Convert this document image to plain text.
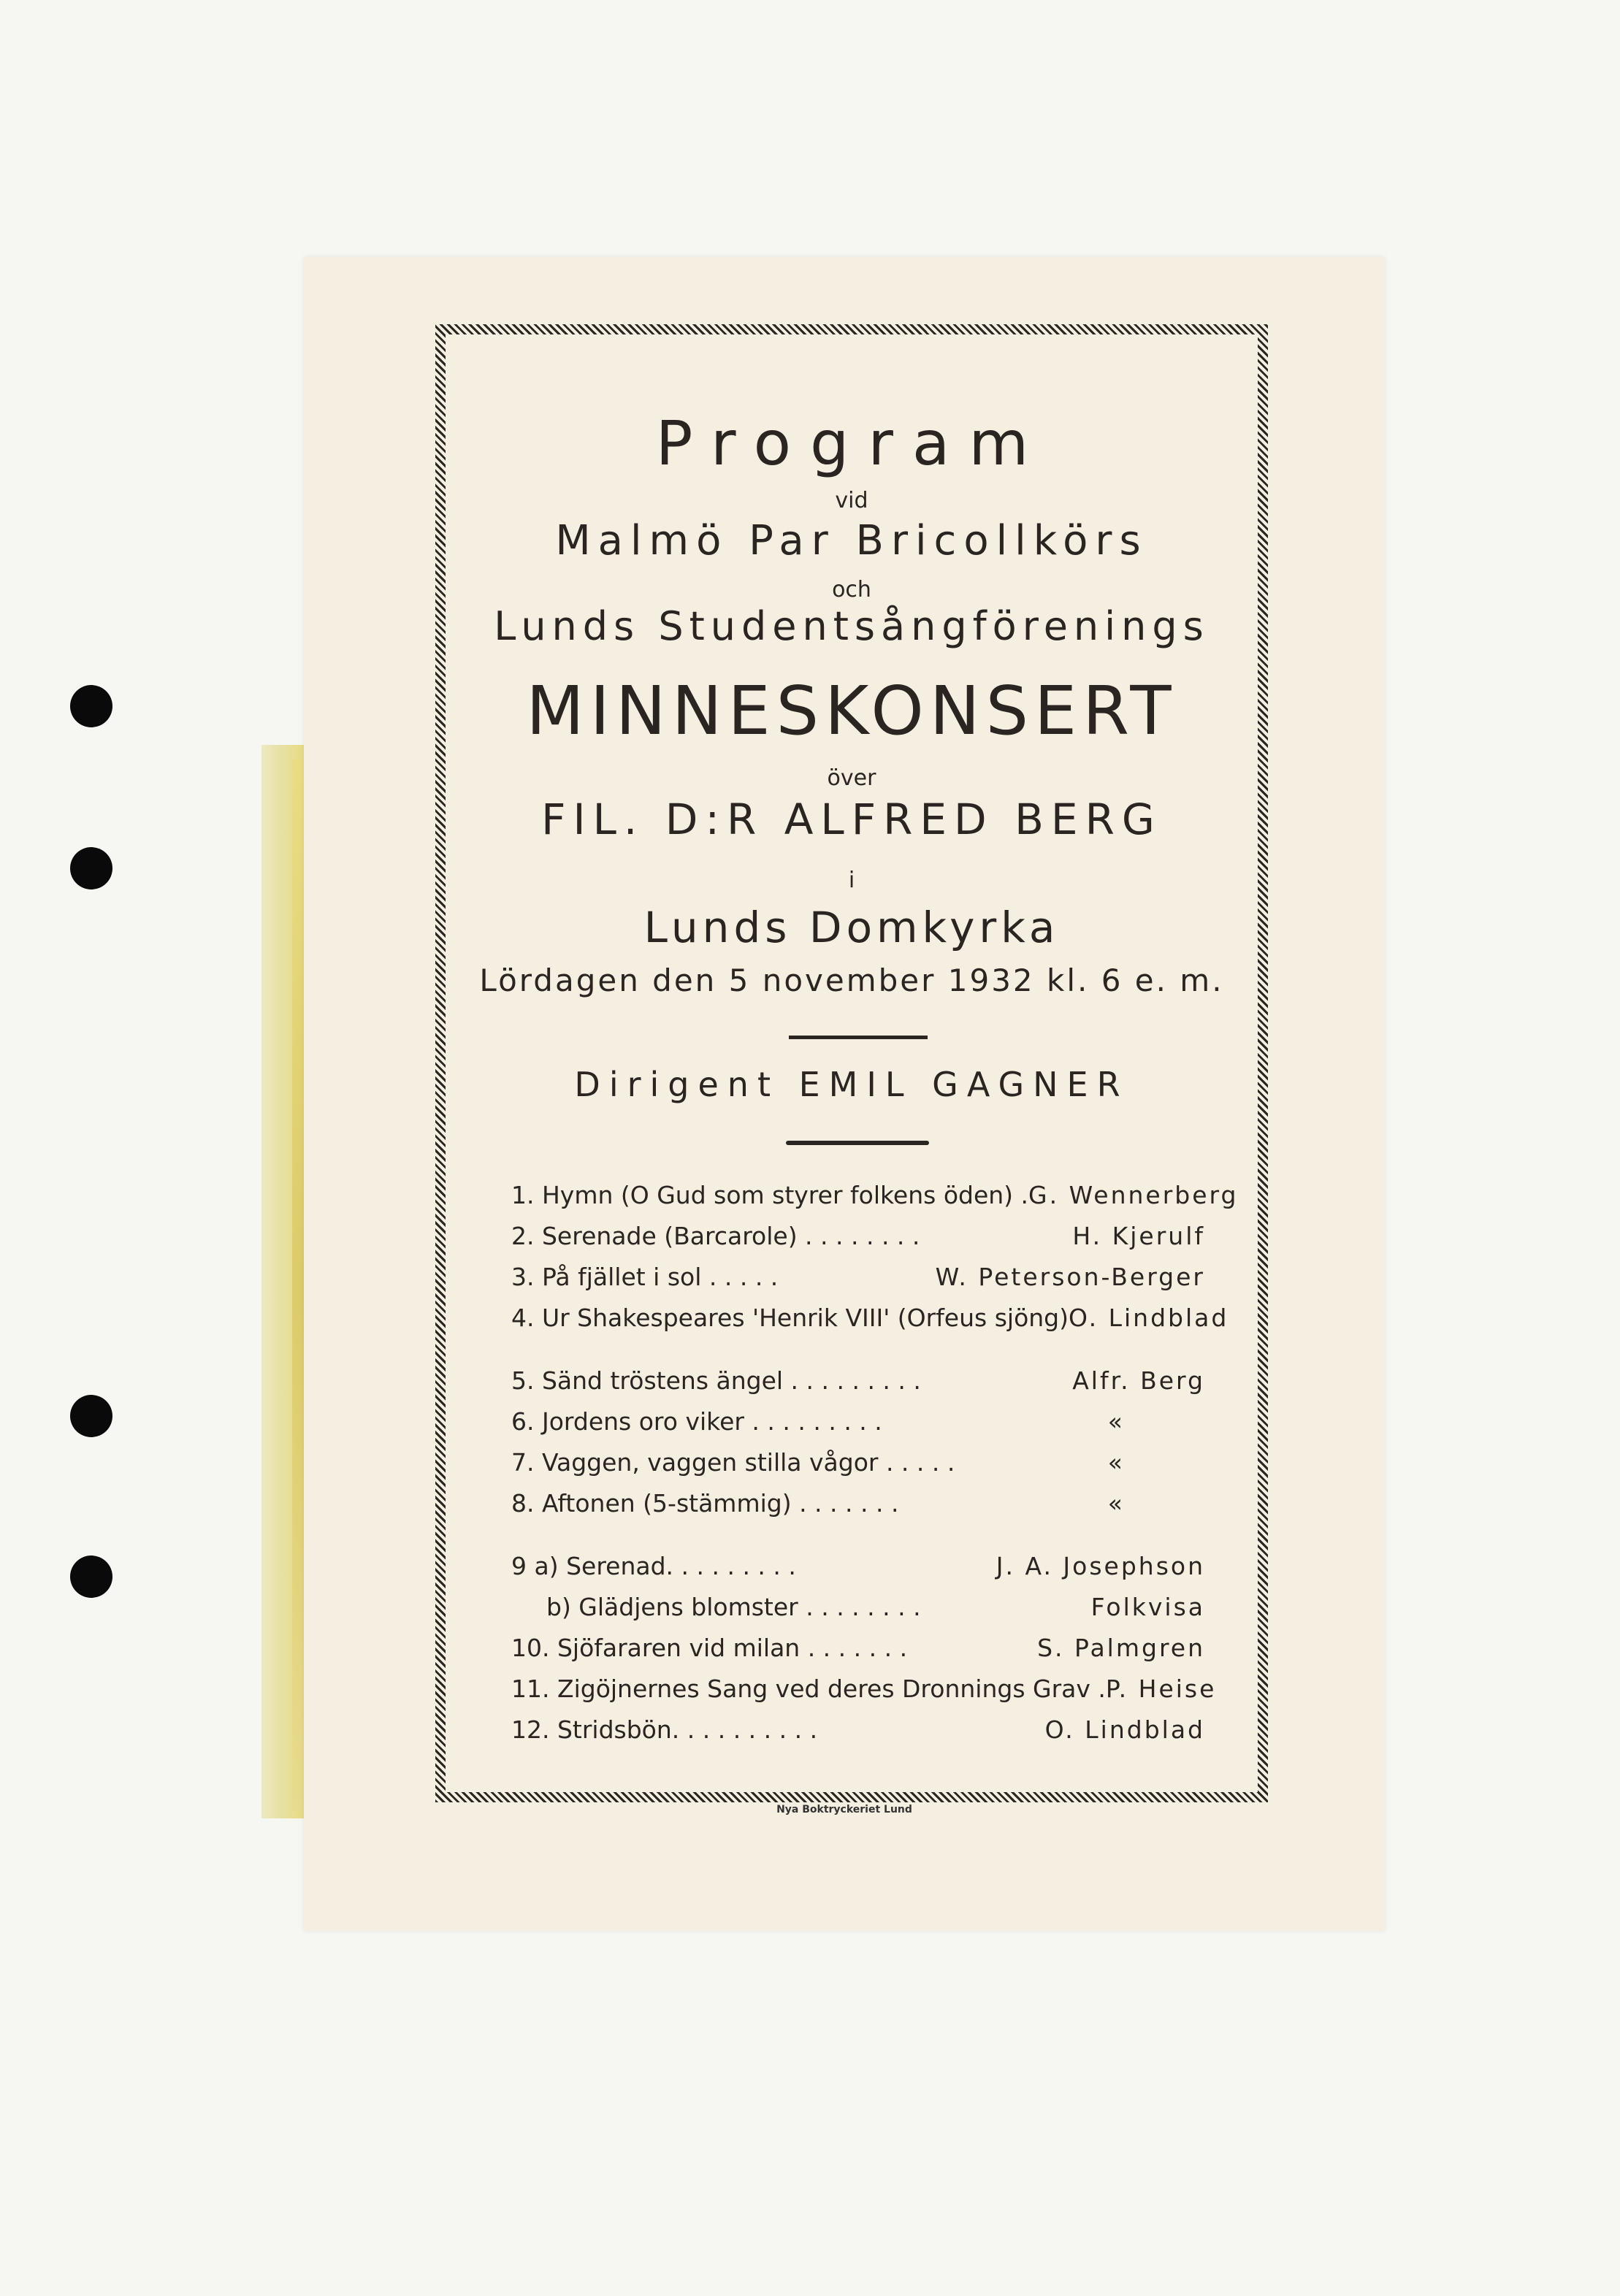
Program
vid
Malmö Par Bricollkörs
och
Lunds Studentsångförenings
MINNESKONSERT
över
FIL. D:R ALFRED BERG
i
Lunds Domkyrka
Lördagen den 5 november 1932 kl. 6 e. m.
Dirigent EMIL GAGNER
1. Hymn (O Gud som styrer folkens öden) . G. Wennerberg
2. Serenade (Barcarole) . . . . . . . .	H. Kjerulf
3. På fjället i sol . . . . .	W. Peterson-Berger
4. Ur Shakespeares 'Henrik VIII' (Orfeus sjöng) O. Lindblad
5. Sänd tröstens ängel . . . . . . . . .	Alfr. Berg
6. Jordens oro viker . . . . . . . . .	«
7. Vaggen, vaggen stilla vågor . . . . .	«
8. Aftonen (5-stämmig) . . . . . . .	«
9 a) Serenad. . . . . . . . .	J. A. Josephson
b) Glädjens blomster . . . . . . . .	Folkvisa
10. Sjöfararen vid milan . . . . . . .	S. Palmgren
11. Zigöjnernes Sang ved deres Dronnings Grav . P. Heise
12. Stridsbön. . . . . . . . . .	O. Lindblad
Nya Boktryckeriet Lund
